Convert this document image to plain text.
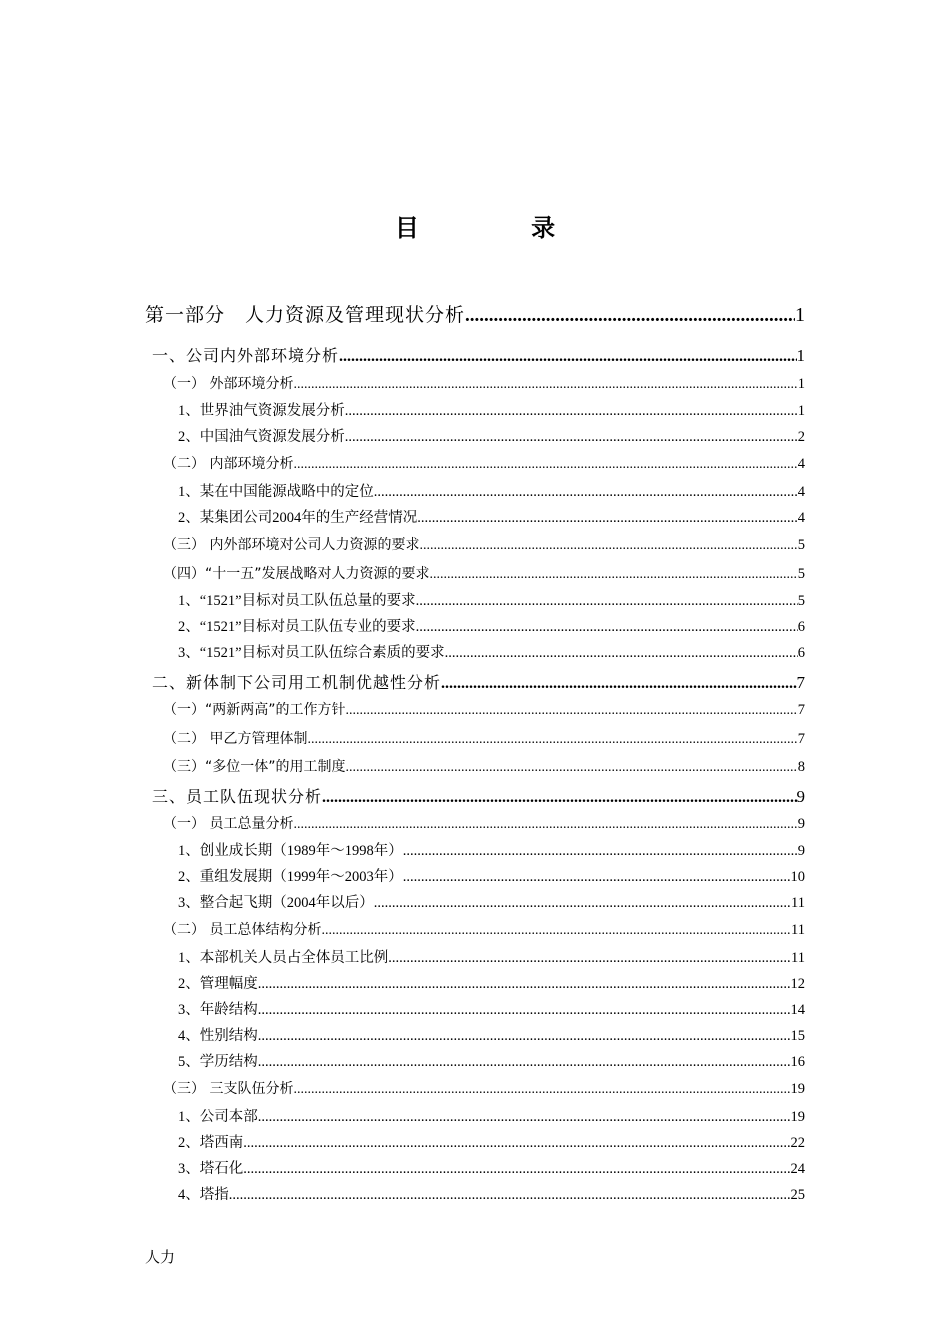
目 录
第一部分　人力资源及管理现状分析 .....	1
一、公司内外部环境分析 .....	1
（一） 外部环境分析 .....	1
1、世界油气资源发展分析 .....	1
2、中国油气资源发展分析 .....	2
（二） 内部环境分析 .....	4
1、某在中国能源战略中的定位 .....	4
2、某集团公司2004年的生产经营情况 .....	4
（三） 内外部环境对公司人力资源的要求 .....	5
（四）“十一五”发展战略对人力资源的要求 .....	5
1、“1521”目标对员工队伍总量的要求 .....	5
2、“1521”目标对员工队伍专业的要求 .....	6
3、“1521”目标对员工队伍综合素质的要求 .....	6
二、新体制下公司用工机制优越性分析 .....	7
（一）“两新两高”的工作方针 .....	7
（二） 甲乙方管理体制 .....	7
（三）“多位一体”的用工制度 .....	8
三、员工队伍现状分析 .....	9
（一） 员工总量分析 .....	9
1、创业成长期（1989年～1998年） .....	9
2、重组发展期（1999年～2003年） .....	10
3、整合起飞期（2004年以后） .....	11
（二） 员工总体结构分析 .....	11
1、本部机关人员占全体员工比例 .....	11
2、管理幅度 .....	12
3、年龄结构 .....	14
4、性别结构 .....	15
5、学历结构 .....	16
（三） 三支队伍分析 .....	19
1、公司本部 .....	19
2、塔西南 .....	22
3、塔石化 .....	24
4、塔指 .....	25
人力
